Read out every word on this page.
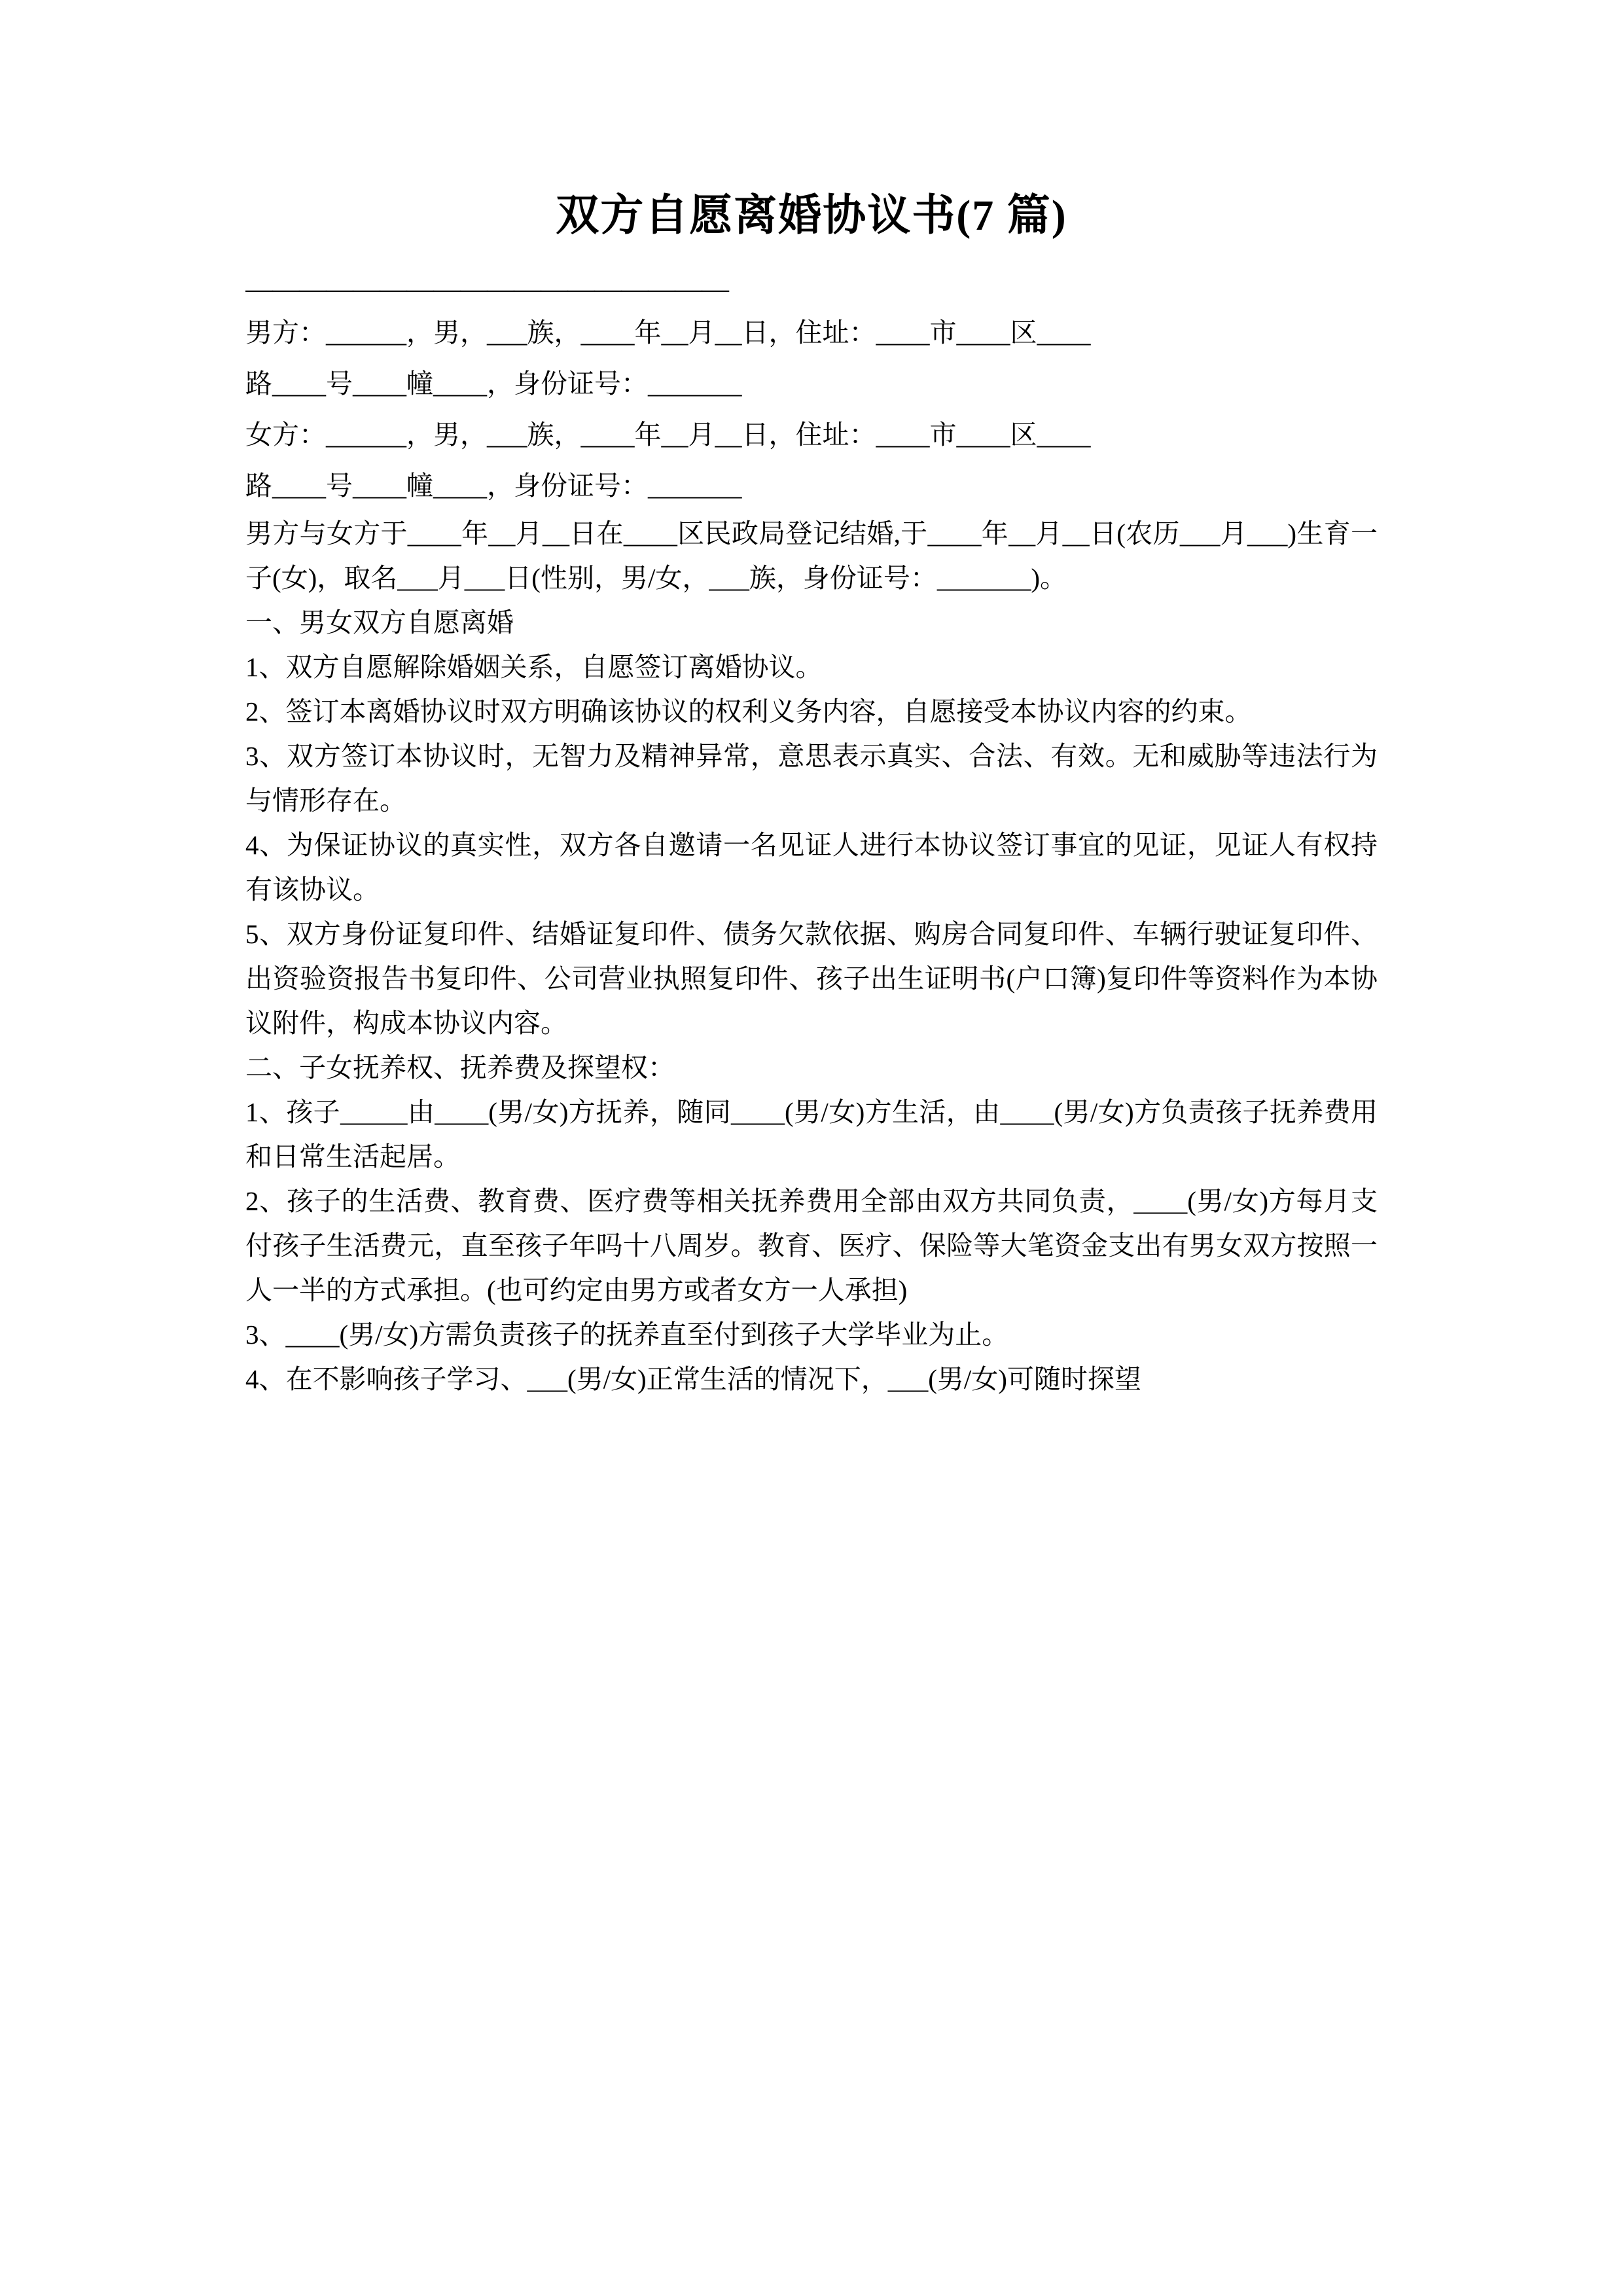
双方自愿离婚协议书(7 篇)
——————————————————

男方：______，男，___族，____年__月__日，住址：____市____区____

路____号____幢____，身份证号：_______

女方：______，男，___族，____年__月__日，住址：____市____区____

路____号____幢____，身份证号：_______

男方与女方于____年__月__日在____区民政局登记结婚,于____年__月__日(农历___月___)生育一子(女)，取名___月___日(性别，男/女，___族，身份证号：_______)。

一、男女双方自愿离婚

1、双方自愿解除婚姻关系，自愿签订离婚协议。

2、签订本离婚协议时双方明确该协议的权利义务内容，自愿接受本协议内容的约束。

3、双方签订本协议时，无智力及精神异常，意思表示真实、合法、有效。无和威胁等违法行为与情形存在。

4、为保证协议的真实性，双方各自邀请一名见证人进行本协议签订事宜的见证，见证人有权持有该协议。

5、双方身份证复印件、结婚证复印件、债务欠款依据、购房合同复印件、车辆行驶证复印件、出资验资报告书复印件、公司营业执照复印件、孩子出生证明书(户口簿)复印件等资料作为本协议附件，构成本协议内容。

二、子女抚养权、抚养费及探望权：

1、孩子_____由____(男/女)方抚养，随同____(男/女)方生活，由____(男/女)方负责孩子抚养费用和日常生活起居。

2、孩子的生活费、教育费、医疗费等相关抚养费用全部由双方共同负责，____(男/女)方每月支付孩子生活费元，直至孩子年吗十八周岁。教育、医疗、保险等大笔资金支出有男女双方按照一人一半的方式承担。(也可约定由男方或者女方一人承担)

3、____(男/女)方需负责孩子的抚养直至付到孩子大学毕业为止。

4、在不影响孩子学习、___(男/女)正常生活的情况下，___(男/女)可随时探望
